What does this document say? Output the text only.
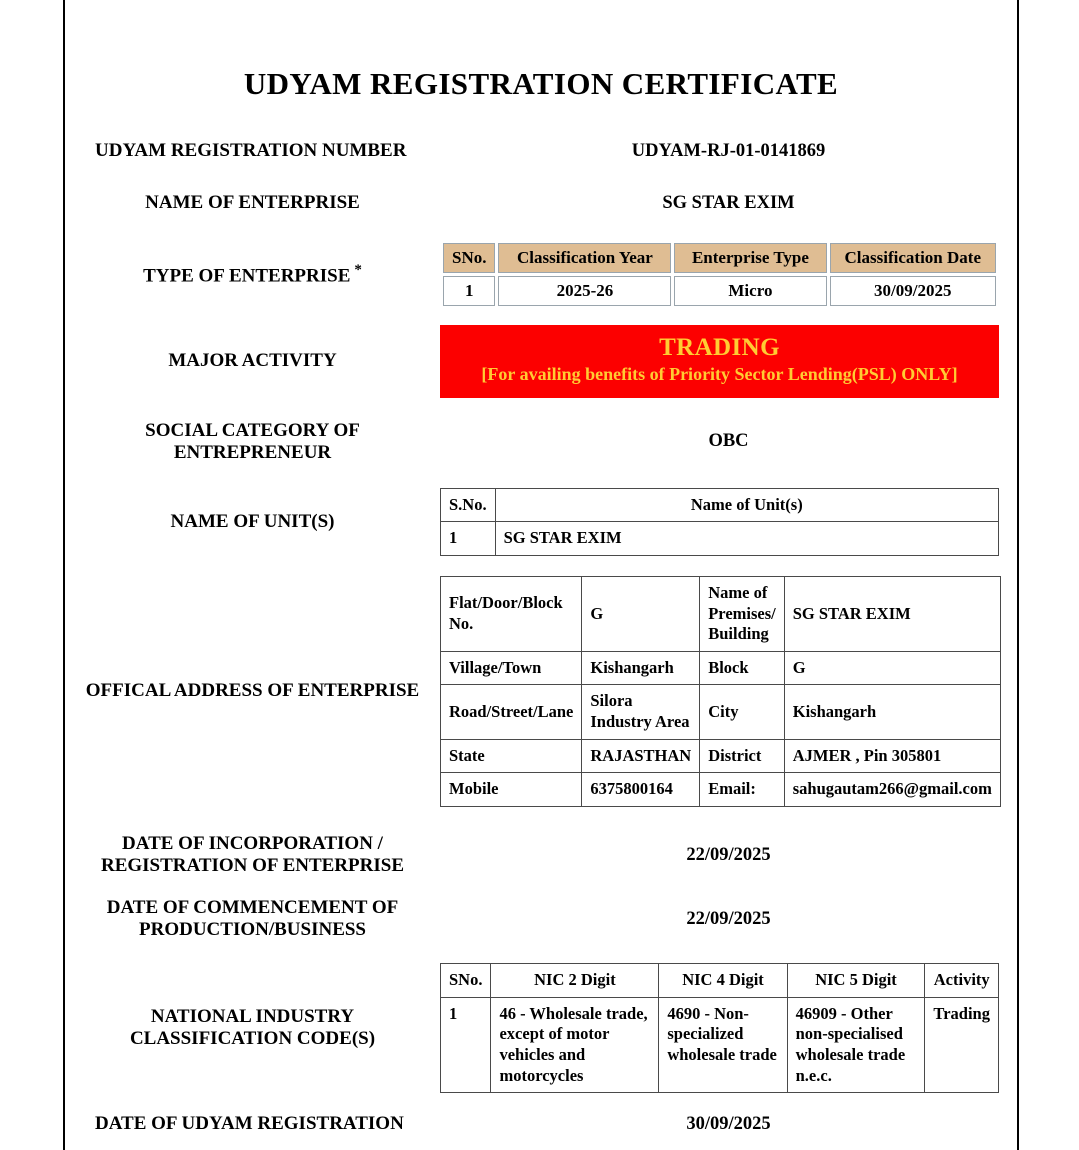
UDYAM REGISTRATION CERTIFICATE
UDYAM REGISTRATION NUMBER	UDYAM-RJ-01-0141869
NAME OF ENTERPRISE	SG STAR EXIM
TYPE OF ENTERPRISE *
SNo.	Classification Year	Enterprise Type	Classification Date
1	2025-26	Micro	30/09/2025
MAJOR ACTIVITY	TRADING
[For availing benefits of Priority Sector Lending(PSL) ONLY]
SOCIAL CATEGORY OF
ENTREPRENEUR
OBC
NAME OF UNIT(S)
S.No.	Name of Unit(s)
1	SG STAR EXIM
OFFICAL ADDRESS OF ENTERPRISE
Flat/Door/Block No.	G	Name of Premises/ Building	SG STAR EXIM
Village/Town	Kishangarh	Block	G
Road/Street/Lane	Silora Industry Area	City	Kishangarh
State	RAJASTHAN	District	AJMER , Pin 305801
Mobile	6375800164	Email:	sahugautam266@gmail.com
DATE OF INCORPORATION /
REGISTRATION OF ENTERPRISE
22/09/2025
DATE OF COMMENCEMENT OF
PRODUCTION/BUSINESS
22/09/2025
NATIONAL INDUSTRY
CLASSIFICATION CODE(S)
SNo.	NIC 2 Digit	NIC 4 Digit	NIC 5 Digit	Activity
1	46 - Wholesale trade, except of motor vehicles and motorcycles	4690 - Non-specialized wholesale trade	46909 - Other non-specialised wholesale trade n.e.c.	Trading
DATE OF UDYAM REGISTRATION	30/09/2025
